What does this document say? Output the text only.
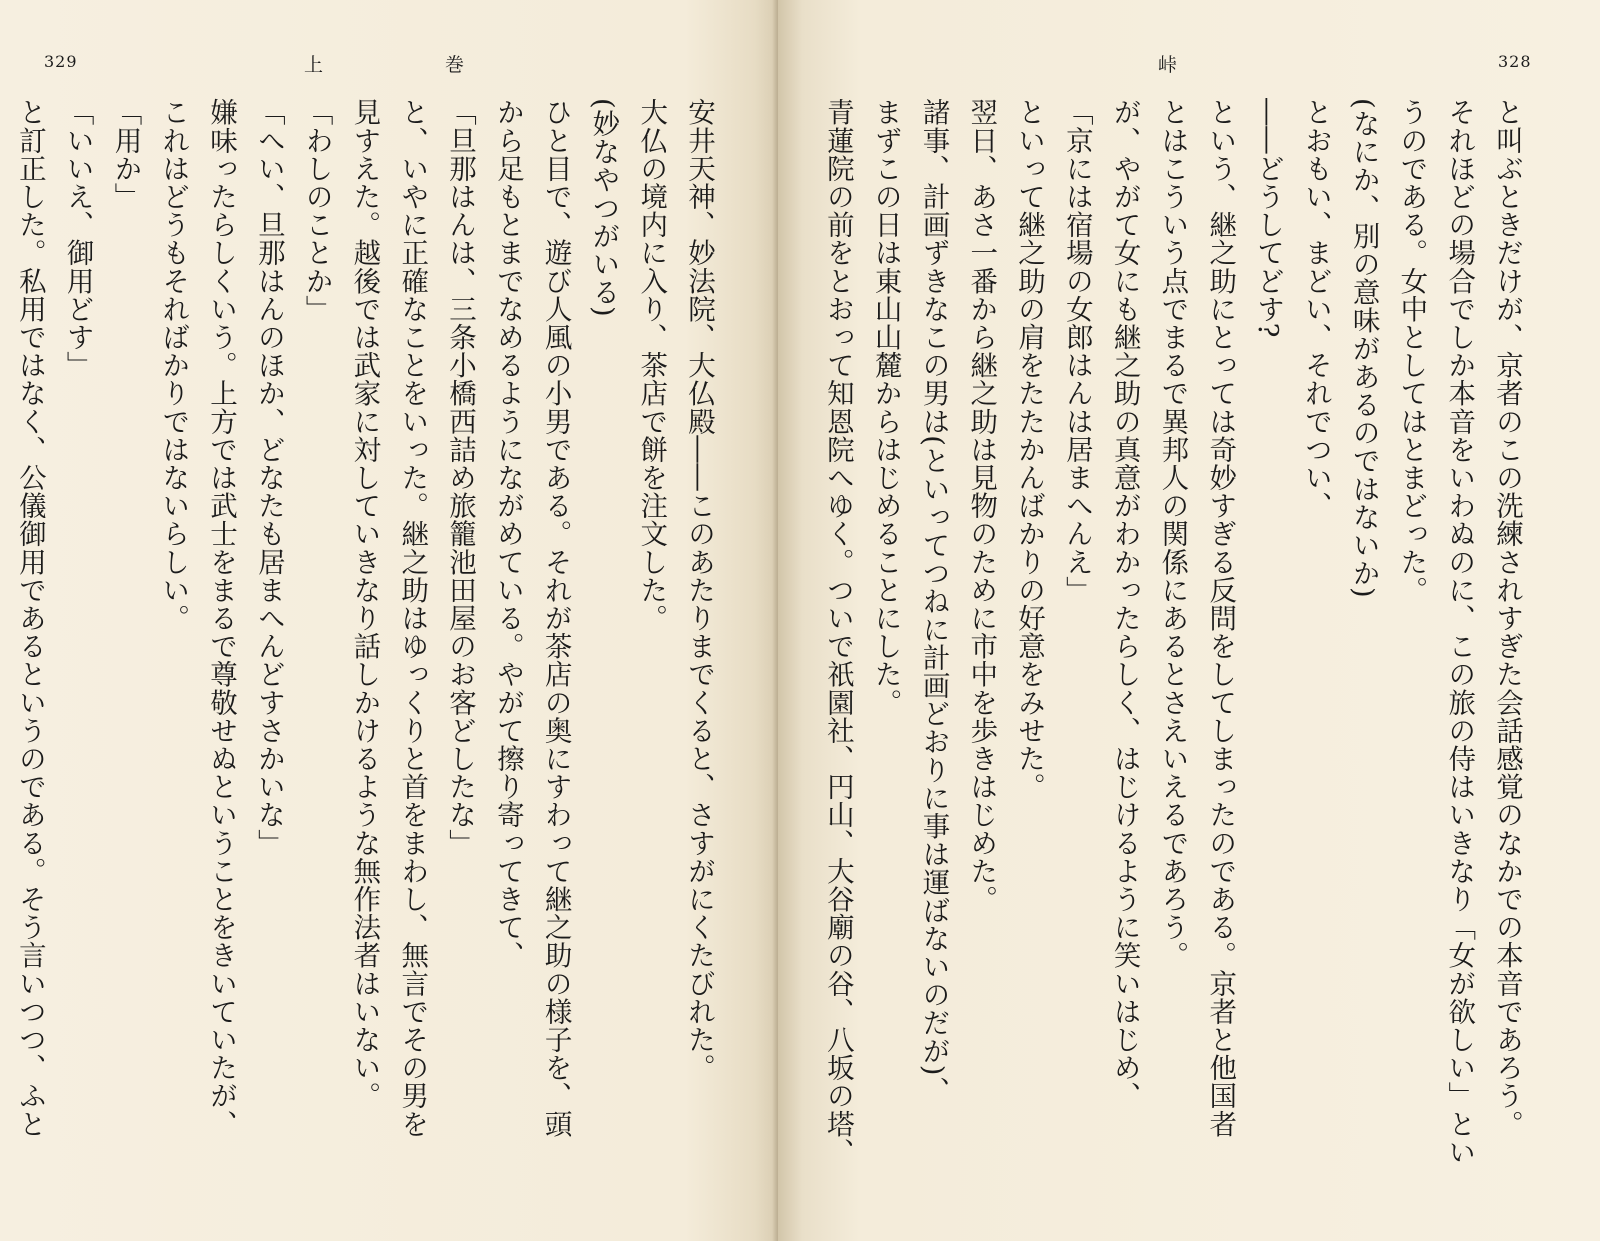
329	上	巻

安井天神、妙法院、大仏殿――このあたりまでくると、さすがにくたびれた。

大仏の境内に入り、茶店で餅を注文した。

(妙なやつがいる)

ひと目で、遊び人風の小男である。それが茶店の奥にすわって継之助の様子を、頭

から足もとまでなめるようにながめている。やがて擦り寄ってきて、

「旦那はんは、三条小橋西詰め旅籠池田屋のお客どしたな」

と、いやに正確なことをいった。継之助はゆっくりと首をまわし、無言でその男を

見すえた。越後では武家に対していきなり話しかけるような無作法者はいない。

「わしのことか」

「へい、旦那はんのほか、どなたも居まへんどすさかいな」

嫌味ったらしくいう。上方では武士をまるで尊敬せぬということをきいていたが、

これはどうもそればかりではないらしい。

「用か」

「いいえ、御用どす」

と訂正した。私用ではなく、公儀御用であるというのである。そう言いつつ、ふと

峠	328

と叫ぶときだけが、京者のこの洗練されすぎた会話感覚のなかでの本音であろう。

それほどの場合でしか本音をいわぬのに、この旅の侍はいきなり「女が欲しい」とい

うのである。女中としてはとまどった。

(なにか、別の意味があるのではないか)

とおもい、まどい、それでつい、

――どうしてどす?

という、継之助にとっては奇妙すぎる反問をしてしまったのである。京者と他国者

とはこういう点でまるで異邦人の関係にあるとさえいえるであろう。

が、やがて女にも継之助の真意がわかったらしく、はじけるように笑いはじめ、

「京には宿場の女郎はんは居まへんえ」

といって継之助の肩をたたかんばかりの好意をみせた。

翌日、あさ一番から継之助は見物のために市中を歩きはじめた。

諸事、計画ずきなこの男は(といってつねに計画どおりに事は運ばないのだが)、

まずこの日は東山山麓からはじめることにした。

青蓮院の前をとおって知恩院へゆく。ついで祇園社、円山、大谷廟の谷、八坂の塔、
